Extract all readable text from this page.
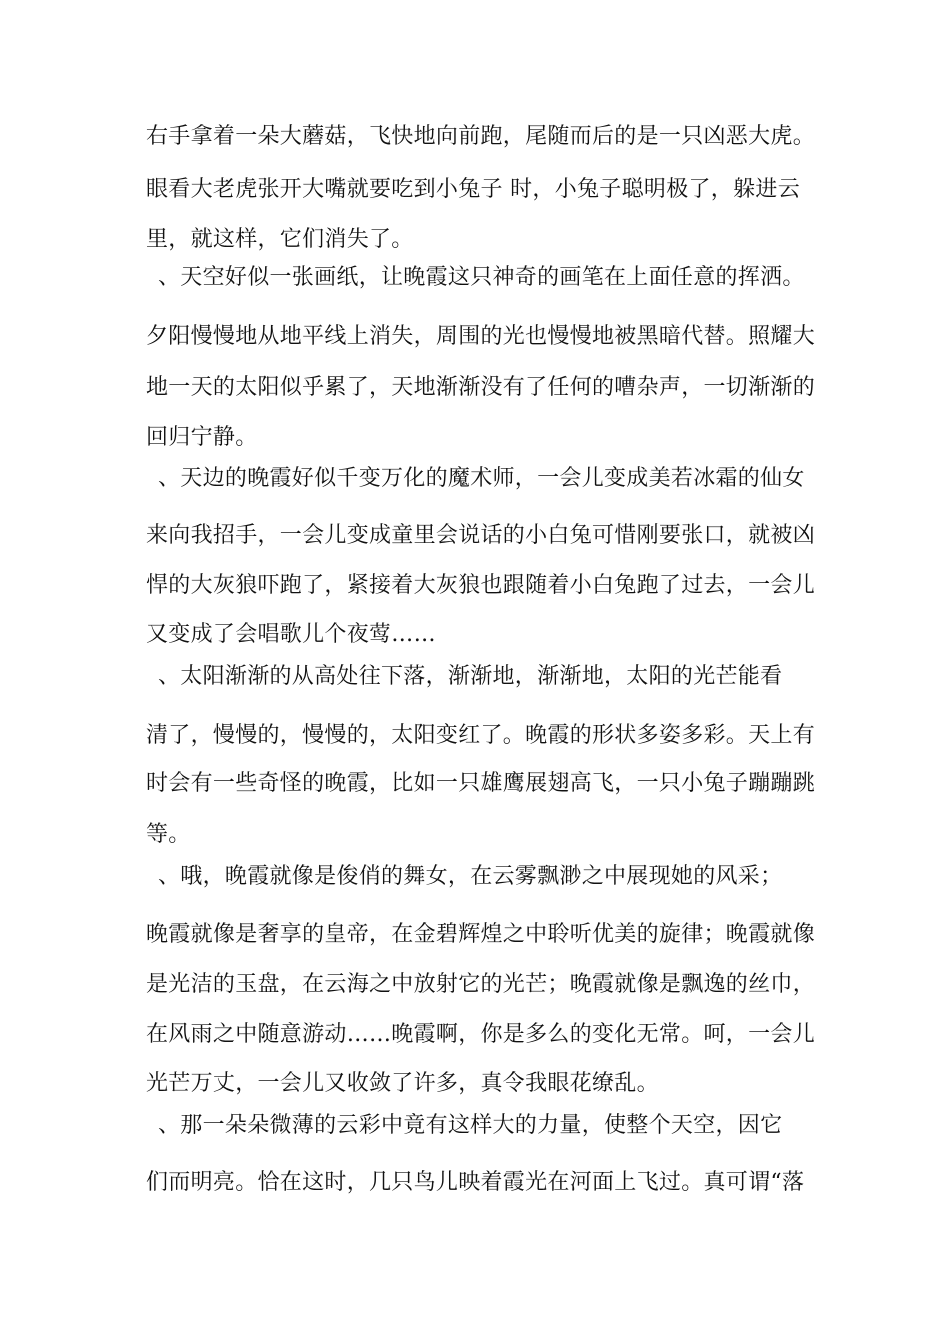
右手拿着一朵大蘑菇，飞快地向前跑，尾随而后的是一只凶恶大虎。
眼看大老虎张开大嘴就要吃到小兔子 时，小兔子聪明极了，躲进云
里，就这样，它们消失了。
、天空好似一张画纸，让晚霞这只神奇的画笔在上面任意的挥洒。
夕阳慢慢地从地平线上消失，周围的光也慢慢地被黑暗代替。照耀大
地一天的太阳似乎累了，天地渐渐没有了任何的嘈杂声，一切渐渐的
回归宁静。
、天边的晚霞好似千变万化的魔术师，一会儿变成美若冰霜的仙女
来向我招手，一会儿变成童里会说话的小白兔可惜刚要张口，就被凶
悍的大灰狼吓跑了，紧接着大灰狼也跟随着小白兔跑了过去，一会儿
又变成了会唱歌儿个夜莺……
、太阳渐渐的从高处往下落，渐渐地，渐渐地，太阳的光芒能看
清了，慢慢的，慢慢的，太阳变红了。晚霞的形状多姿多彩。天上有
时会有一些奇怪的晚霞，比如一只雄鹰展翅高飞，一只小兔子蹦蹦跳
等。
、哦，晚霞就像是俊俏的舞女，在云雾飘渺之中展现她的风采；
晚霞就像是奢享的皇帝，在金碧辉煌之中聆听优美的旋律；晚霞就像
是光洁的玉盘，在云海之中放射它的光芒；晚霞就像是飘逸的丝巾，
在风雨之中随意游动……晚霞啊，你是多么的变化无常。呵，一会儿
光芒万丈，一会儿又收敛了许多，真令我眼花缭乱。
、那一朵朵微薄的云彩中竟有这样大的力量，使整个天空，因它
们而明亮。恰在这时，几只鸟儿映着霞光在河面上飞过。真可谓“落
